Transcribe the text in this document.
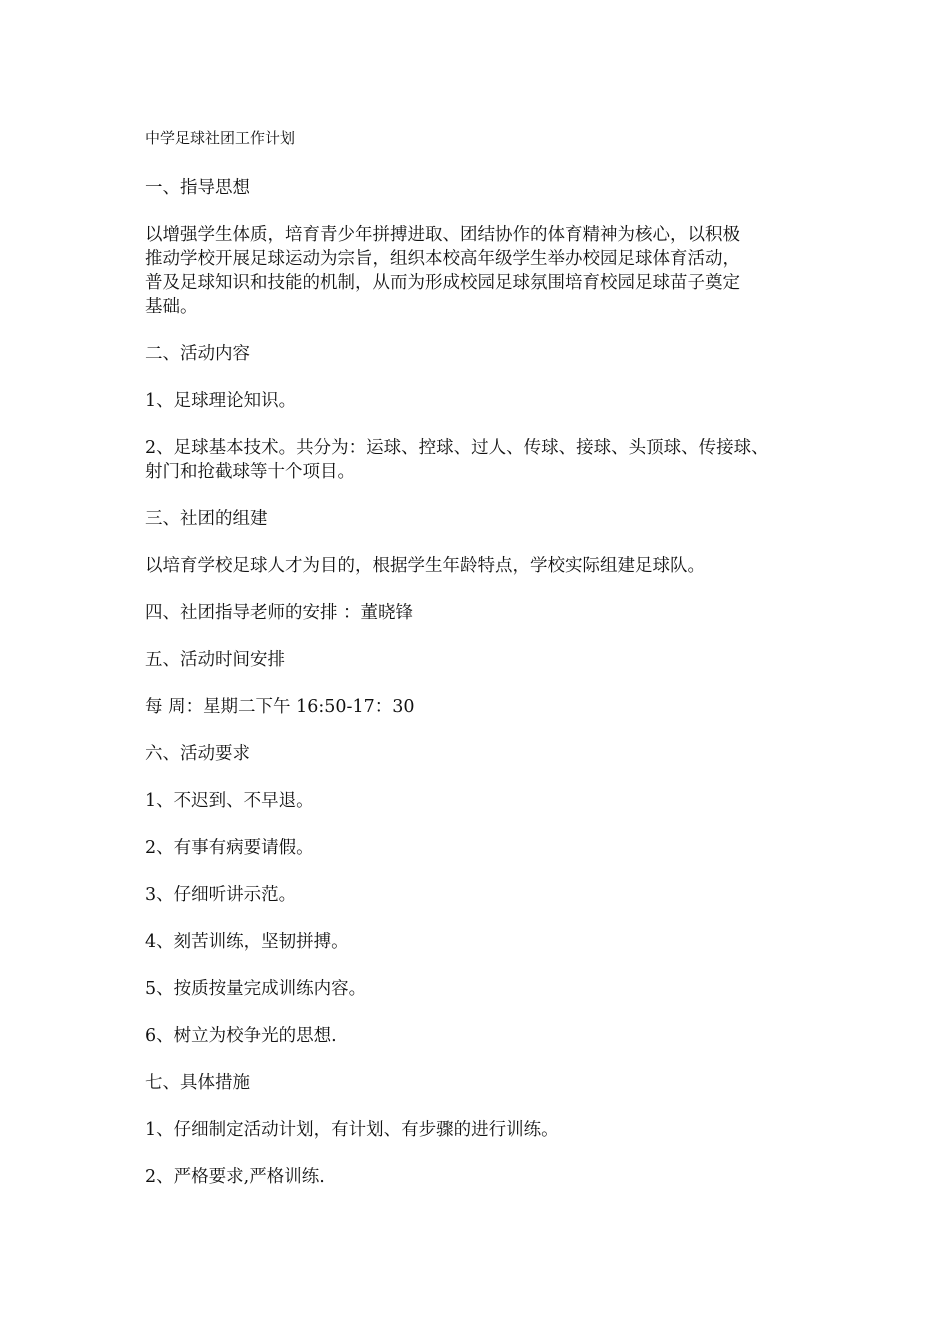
中学足球社团工作计划
一、指导思想
以增强学生体质，培育青少年拼搏进取、团结协作的体育精神为核心，以积极
推动学校开展足球运动为宗旨，组织本校高年级学生举办校园足球体育活动，
普及足球知识和技能的机制，从而为形成校园足球氛围培育校园足球苗子奠定
基础。
二、活动内容
1、足球理论知识。
2、足球基本技术。共分为：运球、控球、过人、传球、接球、头顶球、传接球、
射门和抢截球等十个项目。
三、社团的组建
以培育学校足球人才为目的，根据学生年龄特点，学校实际组建足球队。
四、社团指导老师的安排 ：董晓锋
五、活动时间安排
每 周：星期二下午 16:50-17：30
六、活动要求
1、不迟到、不早退。
2、有事有病要请假。
3、仔细听讲示范。
4、刻苦训练，坚韧拼搏。
5、按质按量完成训练内容。
6、树立为校争光的思想.
七、具体措施
1、仔细制定活动计划，有计划、有步骤的进行训练。
2、严格要求,严格训练.
